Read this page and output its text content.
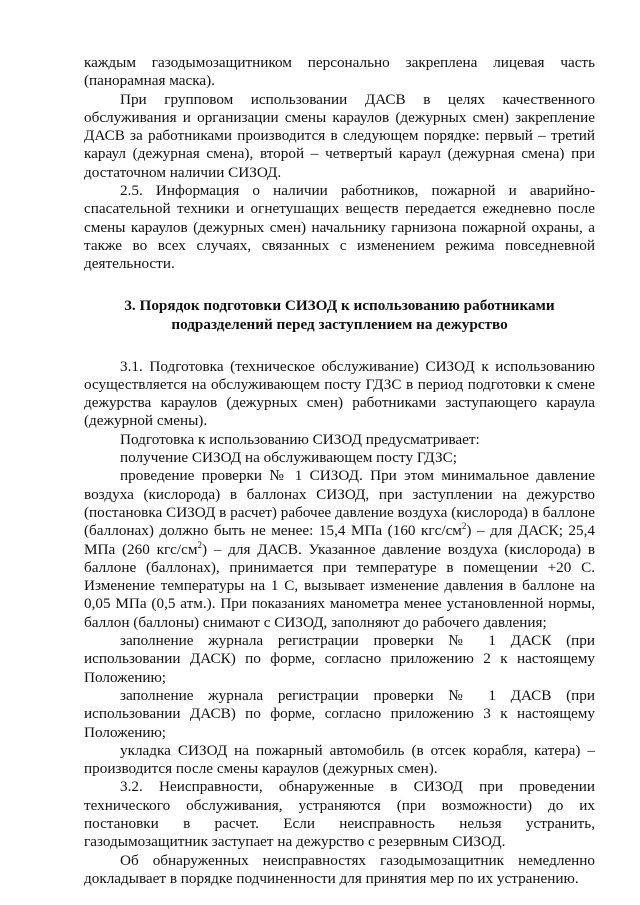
каждым газодымозащитником персонально закреплена лицевая часть (панорамная маска).

При групповом использовании ДАСВ в целях качественного обслуживания и организации смены караулов (дежурных смен) закрепление ДАСВ за работниками производится в следующем порядке: первый – третий караул (дежурная смена), второй – четвертый караул (дежурная смена) при достаточном наличии СИЗОД.

2.5. Информация о наличии работников, пожарной и аварийно-спасательной техники и огнетушащих веществ передается ежедневно после смены караулов (дежурных смен) начальнику гарнизона пожарной охраны, а также во всех случаях, связанных с изменением режима повседневной деятельности.

3. Порядок подготовки СИЗОД к использованию работниками
подразделений перед заступлением на дежурство

3.1. Подготовка (техническое обслуживание) СИЗОД к использованию осуществляется на обслуживающем посту ГДЗС в период подготовки к смене дежурства караулов (дежурных смен) работниками заступающего караула (дежурной смены).

Подготовка к использованию СИЗОД предусматривает:

получение СИЗОД на обслуживающем посту ГДЗС;

проведение проверки № 1 СИЗОД. При этом минимальное давление воздуха (кислорода) в баллонах СИЗОД, при заступлении на дежурство (постановка СИЗОД в расчет) рабочее давление воздуха (кислорода) в баллоне (баллонах) должно быть не менее: 15,4 МПа (160 кгс/$см^2$) – для ДАСК; 25,4 МПа (260 кгс/$см^2$) – для ДАСВ. Указанное давление воздуха (кислорода) в баллоне (баллонах), принимается при температуре в помещении +20 С. Изменение температуры на 1 С, вызывает изменение давления в баллоне на 0,05 МПа (0,5 атм.). При показаниях манометра менее установленной нормы, баллон (баллоны) снимают с СИЗОД, заполняют до рабочего давления;

заполнение журнала регистрации проверки № 1 ДАСК (при использовании ДАСК) по форме, согласно приложению 2 к настоящему Положению;

заполнение журнала регистрации проверки № 1 ДАСВ (при использовании ДАСВ) по форме, согласно приложению 3 к настоящему Положению;

укладка СИЗОД на пожарный автомобиль (в отсек корабля, катера) – производится после смены караулов (дежурных смен).

3.2. Неисправности, обнаруженные в СИЗОД при проведении технического обслуживания, устраняются (при возможности) до их постановки в расчет. Если неисправность нельзя устранить, газодымозащитник заступает на дежурство с резервным СИЗОД.

Об обнаруженных неисправностях газодымозащитник немедленно докладывает в порядке подчиненности для принятия мер по их устранению.
